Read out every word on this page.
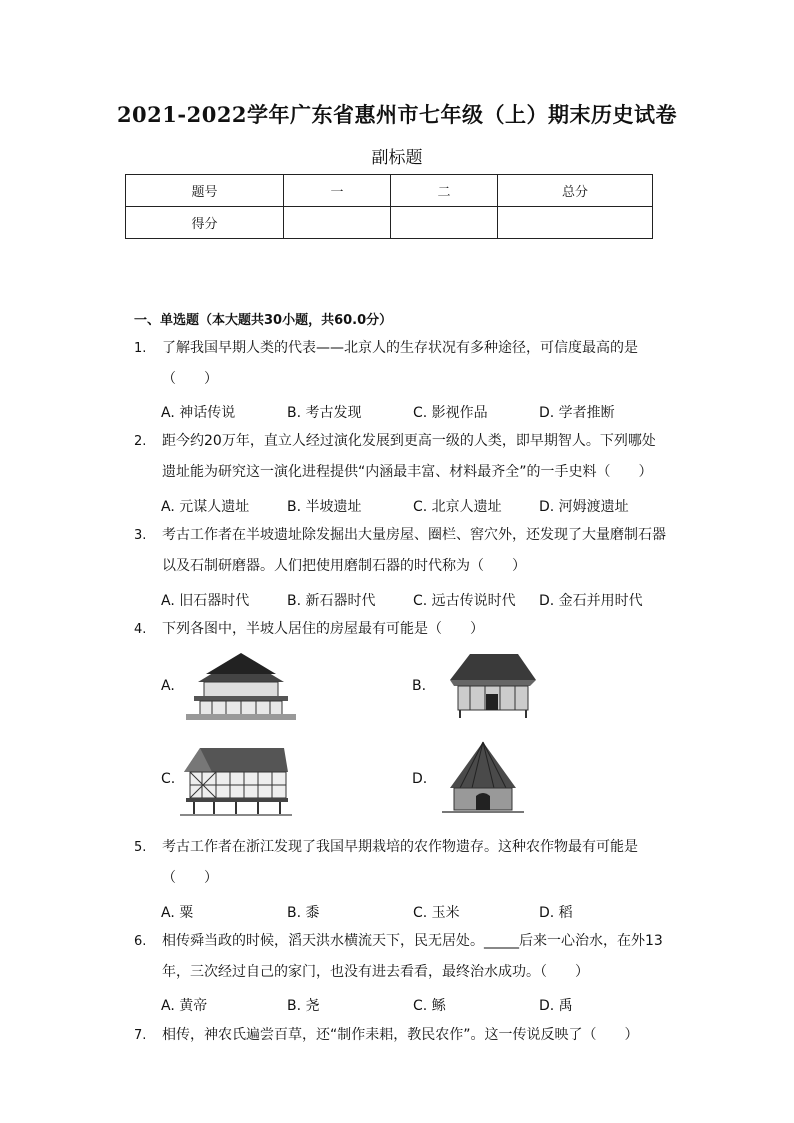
2021-2022学年广东省惠州市七年级（上）期末历史试卷
副标题
题号	一	二	总分
得分			
一、单选题（本大题共30小题，共60.0分）
1.	了解我国早期人类的代表——北京人的生存状况有多种途径，可信度最高的是
（　　）
A. 神话传说	B. 考古发现	C. 影视作品	D. 学者推断
2.	距今约20万年，直立人经过演化发展到更高一级的人类，即早期智人。下列哪处
遗址能为研究这一演化进程提供“内涵最丰富、材料最齐全”的一手史料（　　）
A. 元谋人遗址	B. 半坡遗址	C. 北京人遗址	D. 河姆渡遗址
3.	考古工作者在半坡遗址除发掘出大量房屋、圈栏、窖穴外，还发现了大量磨制石器
以及石制研磨器。人们把使用磨制石器的时代称为（　　）
A. 旧石器时代	B. 新石器时代	C. 远古传说时代 D. 金石并用时代
4.	下列各图中，半坡人居住的房屋最有可能是（　　）
A.	B.
C.	D.
5.	考古工作者在浙江发现了我国早期栽培的农作物遗存。这种农作物最有可能是
（　　）
A. 粟	B. 黍	C. 玉米	D. 稻
6.	相传舜当政的时候，滔天洪水横流天下，民无居处。_____后来一心治水，在外13
年，三次经过自己的家门，也没有进去看看，最终治水成功。（　　）
A. 黄帝	B. 尧	C. 鲧	D. 禹
7.	相传，神农氏遍尝百草，还“制作耒耜，教民农作”。这一传说反映了（　　）
